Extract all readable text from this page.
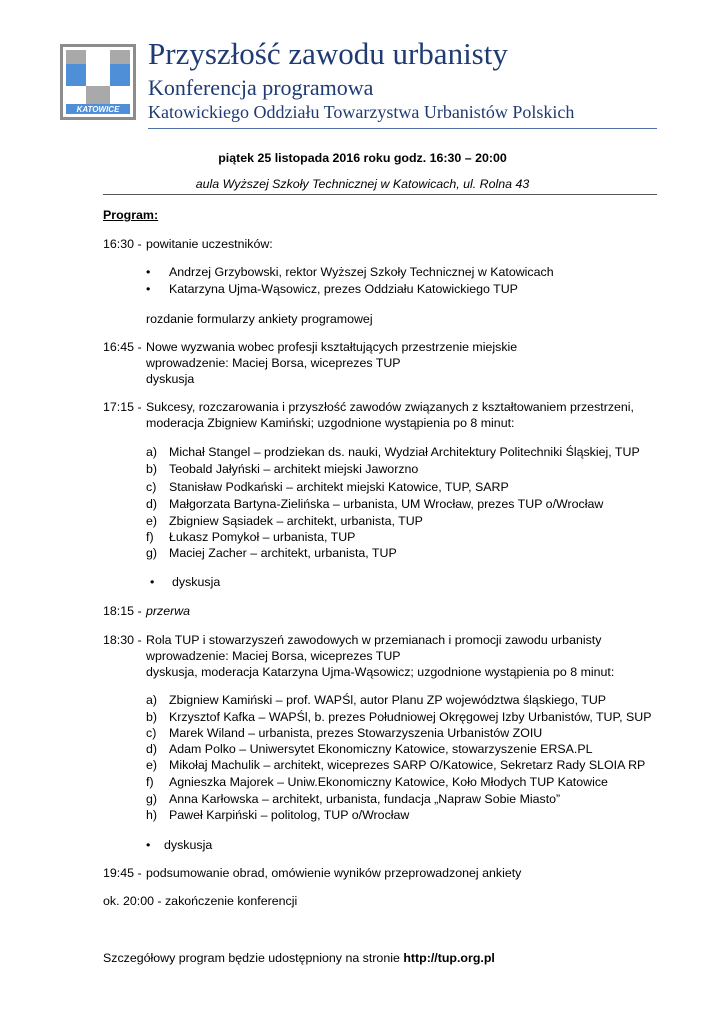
KATOWICE
Przyszłość zawodu urbanisty
Konferencja programowa
Katowickiego Oddziału Towarzystwa Urbanistów Polskich
piątek 25 listopada 2016 roku godz. 16:30 – 20:00
aula Wyższej Szkoły Technicznej w Katowicach, ul. Rolna 43
Program:
16:30 - powitanie uczestników:
• Andrzej Grzybowski, rektor Wyższej Szkoły Technicznej w Katowicach
• Katarzyna Ujma-Wąsowicz, prezes Oddziału Katowickiego TUP
rozdanie formularzy ankiety programowej
16:45 - Nowe wyzwania wobec profesji kształtujących przestrzenie miejskie
wprowadzenie: Maciej Borsa, wiceprezes TUP
dyskusja
17:15 - Sukcesy, rozczarowania i przyszłość zawodów związanych z kształtowaniem przestrzeni,
moderacja Zbigniew Kamiński; uzgodnione wystąpienia po 8 minut:
a) Michał Stangel – prodziekan ds. nauki, Wydział Architektury Politechniki Śląskiej, TUP
b) Teobald Jałyński – architekt miejski Jaworzno
c) Stanisław Podkański – architekt miejski Katowice, TUP, SARP
d) Małgorzata Bartyna-Zielińska – urbanista, UM Wrocław, prezes TUP o/Wrocław
e) Zbigniew Sąsiadek – architekt, urbanista, TUP
f) Łukasz Pomykoł – urbanista, TUP
g) Maciej Zacher – architekt, urbanista, TUP
• dyskusja
18:15 - przerwa
18:30 - Rola TUP i stowarzyszeń zawodowych w przemianach i promocji zawodu urbanisty
wprowadzenie: Maciej Borsa, wiceprezes TUP
dyskusja, moderacja Katarzyna Ujma-Wąsowicz; uzgodnione wystąpienia po 8 minut:
a) Zbigniew Kamiński – prof. WAPŚl, autor Planu ZP województwa śląskiego, TUP
b) Krzysztof Kafka – WAPŚl, b. prezes Południowej Okręgowej Izby Urbanistów, TUP, SUP
c) Marek Wiland – urbanista, prezes Stowarzyszenia Urbanistów ZOIU
d) Adam Polko – Uniwersytet Ekonomiczny Katowice, stowarzyszenie ERSA.PL
e) Mikołaj Machulik – architekt, wiceprezes SARP O/Katowice, Sekretarz Rady SLOIA RP
f) Agnieszka Majorek – Uniw.Ekonomiczny Katowice, Koło Młodych TUP Katowice
g) Anna Karłowska – architekt, urbanista, fundacja „Napraw Sobie Miasto”
h) Paweł Karpiński – politolog, TUP o/Wrocław
• dyskusja
19:45 - podsumowanie obrad, omówienie wyników przeprowadzonej ankiety
ok. 20:00 - zakończenie konferencji
Szczegółowy program będzie udostępniony na stronie http://tup.org.pl
